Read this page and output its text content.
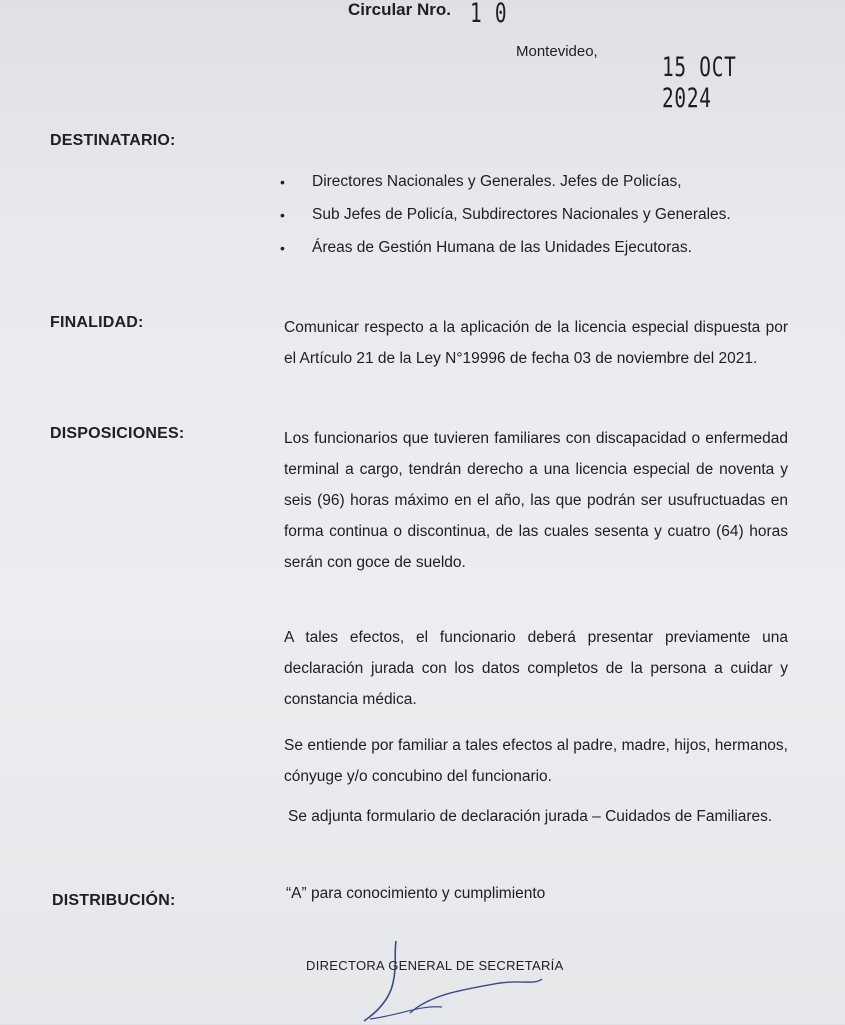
Circular Nro. 1 0
Montevideo,
15 OCT 2024
DESTINATARIO:
• Directores Nacionales y Generales. Jefes de Policías,
• Sub Jefes de Policía, Subdirectores Nacionales y Generales.
• Áreas de Gestión Humana de las Unidades Ejecutoras.
FINALIDAD:	Comunicar respecto a la aplicación de la licencia especial dispuesta por el Artículo 21 de la Ley N°19996 de fecha 03 de noviembre del 2021.
DISPOSICIONES:	Los funcionarios que tuvieren familiares con discapacidad o enfermedad terminal a cargo, tendrán derecho a una licencia especial de noventa y seis (96) horas máximo en el año, las que podrán ser usufructuadas en forma continua o discontinua, de las cuales sesenta y cuatro (64) horas serán con goce de sueldo.
A tales efectos, el funcionario deberá presentar previamente una declaración jurada con los datos completos de la persona a cuidar y constancia médica.
Se entiende por familiar a tales efectos al padre, madre, hijos, hermanos, cónyuge y/o concubino del funcionario.
Se adjunta formulario de declaración jurada – Cuidados de Familiares.
DISTRIBUCIÓN:	“A” para conocimiento y cumplimiento
DIRECTORA GENERAL DE SECRETARÍA
